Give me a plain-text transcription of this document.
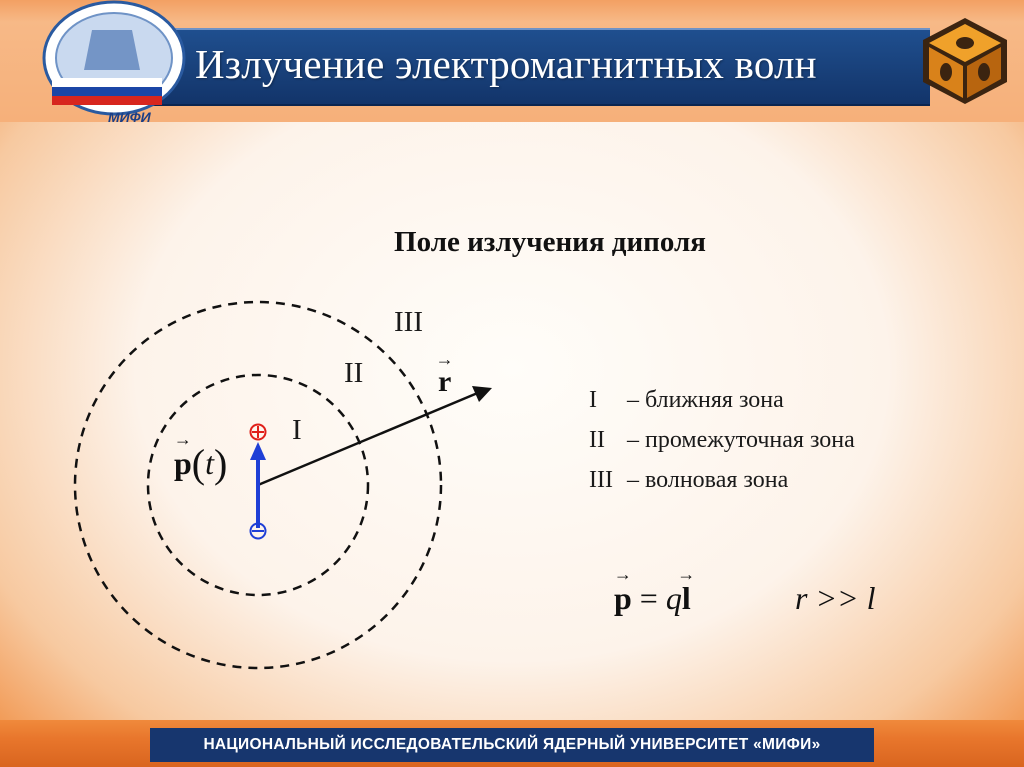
МИФИ
Излучение электромагнитных волн
Поле излучения диполя
III
II
I
→
r
→
p(t)
I – ближняя зона
II – промежуточная зона
III – волновая зона
→
p = q
→
l	r >> l
НАЦИОНАЛЬНЫЙ ИССЛЕДОВАТЕЛЬСКИЙ ЯДЕРНЫЙ УНИВЕРСИТЕТ «МИФИ»
